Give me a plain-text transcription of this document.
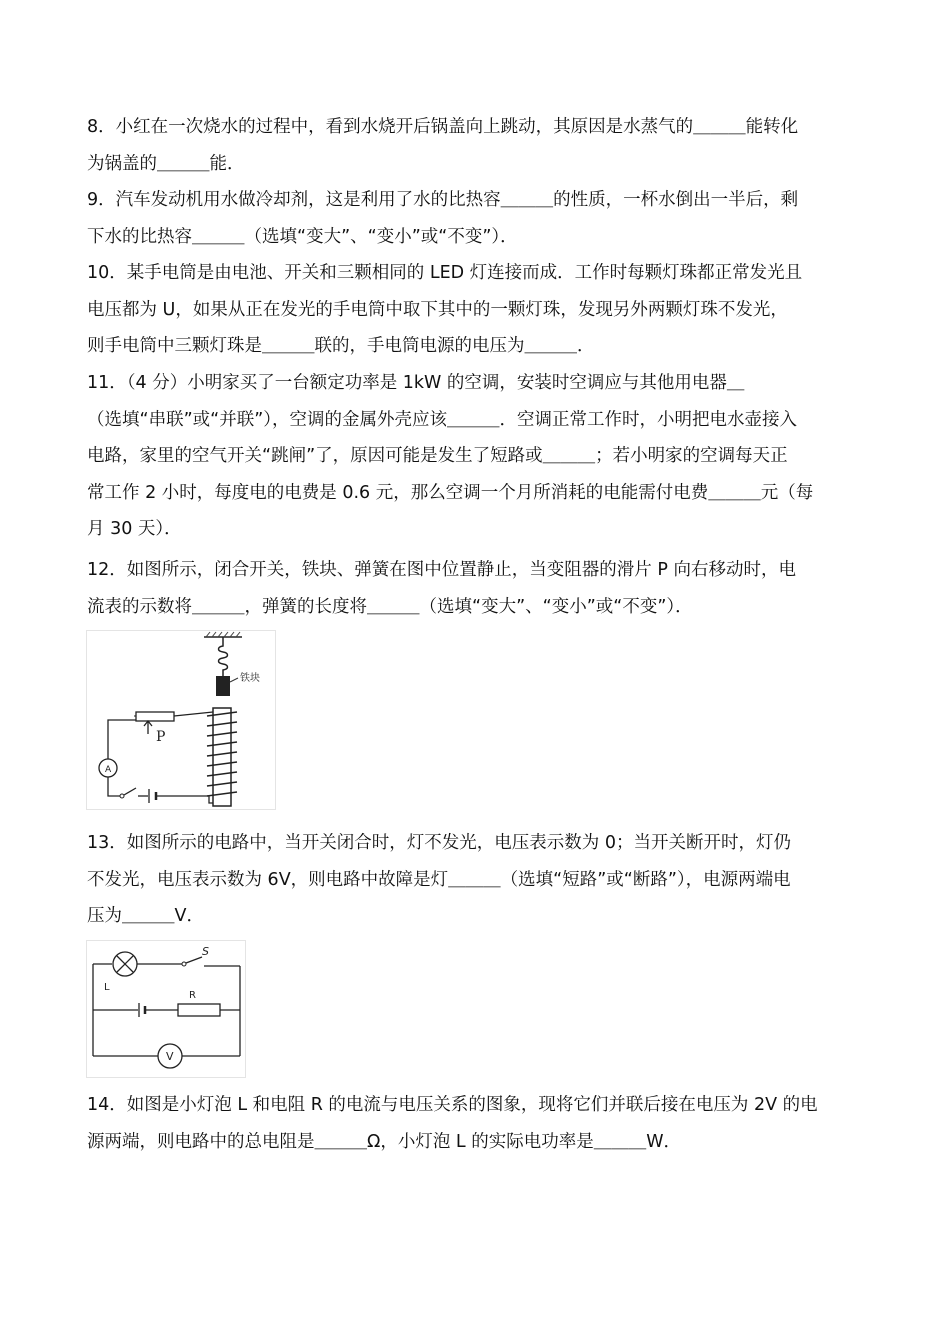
8．小红在一次烧水的过程中，看到水烧开后锅盖向上跳动，其原因是水蒸气的＿＿＿能转化
为锅盖的＿＿＿能．
9．汽车发动机用水做冷却剂，这是利用了水的比热容＿＿＿的性质，一杯水倒出一半后，剩
下水的比热容＿＿＿（选填“变大”、“变小”或“不变”）．
10．某手电筒是由电池、开关和三颗相同的 LED 灯连接而成．工作时每颗灯珠都正常发光且
电压都为 U，如果从正在发光的手电筒中取下其中的一颗灯珠，发现另外两颗灯珠不发光，
则手电筒中三颗灯珠是＿＿＿联的，手电筒电源的电压为＿＿＿．
11．（4 分）小明家买了一台额定功率是 1kW 的空调，安装时空调应与其他用电器＿
（选填“串联”或“并联”），空调的金属外壳应该＿＿＿．空调正常工作时，小明把电水壶接入
电路，家里的空气开关“跳闸”了，原因可能是发生了短路或＿＿＿；若小明家的空调每天正
常工作 2 小时，每度电的电费是 0.6 元，那么空调一个月所消耗的电能需付电费＿＿＿元（每
月 30 天）．
12．如图所示，闭合开关，铁块、弹簧在图中位置静止，当变阻器的滑片 P 向右移动时，电
流表的示数将＿＿＿，弹簧的长度将＿＿＿（选填“变大”、“变小”或“不变”）．
铁块
P
A
13．如图所示的电路中，当开关闭合时，灯不发光，电压表示数为 0；当开关断开时，灯仍
不发光，电压表示数为 6V，则电路中故障是灯＿＿＿（选填“短路”或“断路”），电源两端电
压为＿＿＿V．
S
L
R
V
14．如图是小灯泡 L 和电阻 R 的电流与电压关系的图象，现将它们并联后接在电压为 2V 的电
源两端，则电路中的总电阻是＿＿＿Ω，小灯泡 L 的实际电功率是＿＿＿W．
